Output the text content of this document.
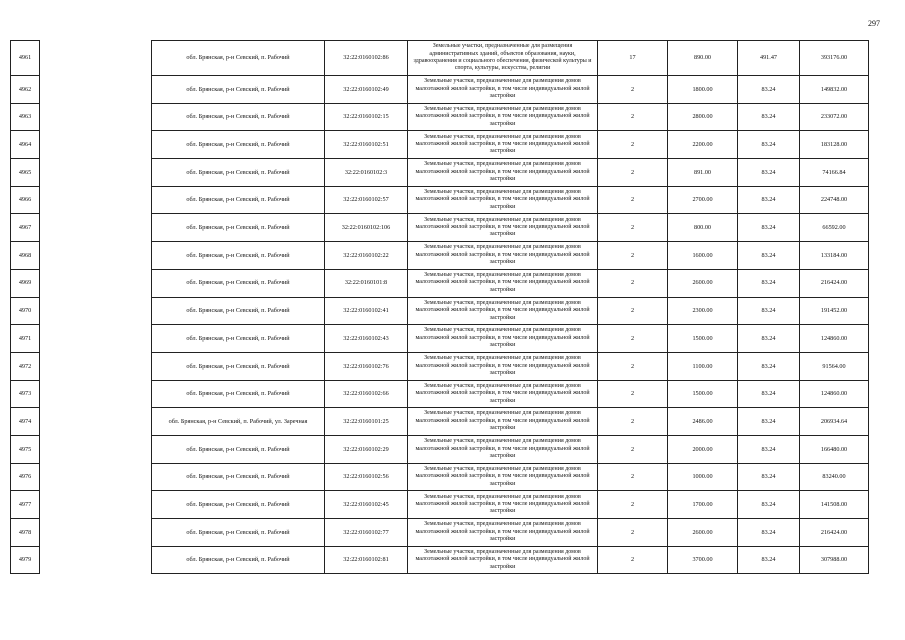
297
4961		обл. Брянская, р-н Севский, п. Рабочий	32:22:0160102:86	Земельные участки, предназначенные для размещения административных зданий, объектов образования, науки, здравоохранения и социального обеспечения, физической культуры и спорта, культуры, искусства, религии	17	890.00	491.47	393176.00
4962		обл. Брянская, р-н Севский, п. Рабочий	32:22:0160102:49	Земельные участки, предназначенные для размещения домов малоэтажной жилой застройки, в том числе индивидуальной жилой застройки	2	1800.00	83.24	149832.00
4963		обл. Брянская, р-н Севский, п. Рабочий	32:22:0160102:15	Земельные участки, предназначенные для размещения домов малоэтажной жилой застройки, в том числе индивидуальной жилой застройки	2	2800.00	83.24	233072.00
4964		обл. Брянская, р-н Севский, п. Рабочий	32:22:0160102:51	Земельные участки, предназначенные для размещения домов малоэтажной жилой застройки, в том числе индивидуальной жилой застройки	2	2200.00	83.24	183128.00
4965		обл. Брянская, р-н Севский, п. Рабочий	32:22:0160102:3	Земельные участки, предназначенные для размещения домов малоэтажной жилой застройки, в том числе индивидуальной жилой застройки	2	891.00	83.24	74166.84
4966		обл. Брянская, р-н Севский, п. Рабочий	32:22:0160102:57	Земельные участки, предназначенные для размещения домов малоэтажной жилой застройки, в том числе индивидуальной жилой застройки	2	2700.00	83.24	224748.00
4967		обл. Брянская, р-н Севский, п. Рабочий	32:22:0160102:106	Земельные участки, предназначенные для размещения домов малоэтажной жилой застройки, в том числе индивидуальной жилой застройки	2	800.00	83.24	66592.00
4968		обл. Брянская, р-н Севский, п. Рабочий	32:22:0160102:22	Земельные участки, предназначенные для размещения домов малоэтажной жилой застройки, в том числе индивидуальной жилой застройки	2	1600.00	83.24	133184.00
4969		обл. Брянская, р-н Севский, п. Рабочий	32:22:0160101:8	Земельные участки, предназначенные для размещения домов малоэтажной жилой застройки, в том числе индивидуальной жилой застройки	2	2600.00	83.24	216424.00
4970		обл. Брянская, р-н Севский, п. Рабочий	32:22:0160102:41	Земельные участки, предназначенные для размещения домов малоэтажной жилой застройки, в том числе индивидуальной жилой застройки	2	2300.00	83.24	191452.00
4971		обл. Брянская, р-н Севский, п. Рабочий	32:22:0160102:43	Земельные участки, предназначенные для размещения домов малоэтажной жилой застройки, в том числе индивидуальной жилой застройки	2	1500.00	83.24	124860.00
4972		обл. Брянская, р-н Севский, п. Рабочий	32:22:0160102:76	Земельные участки, предназначенные для размещения домов малоэтажной жилой застройки, в том числе индивидуальной жилой застройки	2	1100.00	83.24	91564.00
4973		обл. Брянская, р-н Севский, п. Рабочий	32:22:0160102:66	Земельные участки, предназначенные для размещения домов малоэтажной жилой застройки, в том числе индивидуальной жилой застройки	2	1500.00	83.24	124860.00
4974		обл. Брянская, р-н Севский, п. Рабочий, ул. Заречная	32:22:0160101:25	Земельные участки, предназначенные для размещения домов малоэтажной жилой застройки, в том числе индивидуальной жилой застройки	2	2486.00	83.24	206934.64
4975		обл. Брянская, р-н Севский, п. Рабочий	32:22:0160102:29	Земельные участки, предназначенные для размещения домов малоэтажной жилой застройки, в том числе индивидуальной жилой застройки	2	2000.00	83.24	166480.00
4976		обл. Брянская, р-н Севский, п. Рабочий	32:22:0160102:56	Земельные участки, предназначенные для размещения домов малоэтажной жилой застройки, в том числе индивидуальной жилой застройки	2	1000.00	83.24	83240.00
4977		обл. Брянская, р-н Севский, п. Рабочий	32:22:0160102:45	Земельные участки, предназначенные для размещения домов малоэтажной жилой застройки, в том числе индивидуальной жилой застройки	2	1700.00	83.24	141508.00
4978		обл. Брянская, р-н Севский, п. Рабочий	32:22:0160102:77	Земельные участки, предназначенные для размещения домов малоэтажной жилой застройки, в том числе индивидуальной жилой застройки	2	2600.00	83.24	216424.00
4979		обл. Брянская, р-н Севский, п. Рабочий	32:22:0160102:81	Земельные участки, предназначенные для размещения домов малоэтажной жилой застройки, в том числе индивидуальной жилой застройки	2	3700.00	83.24	307988.00
